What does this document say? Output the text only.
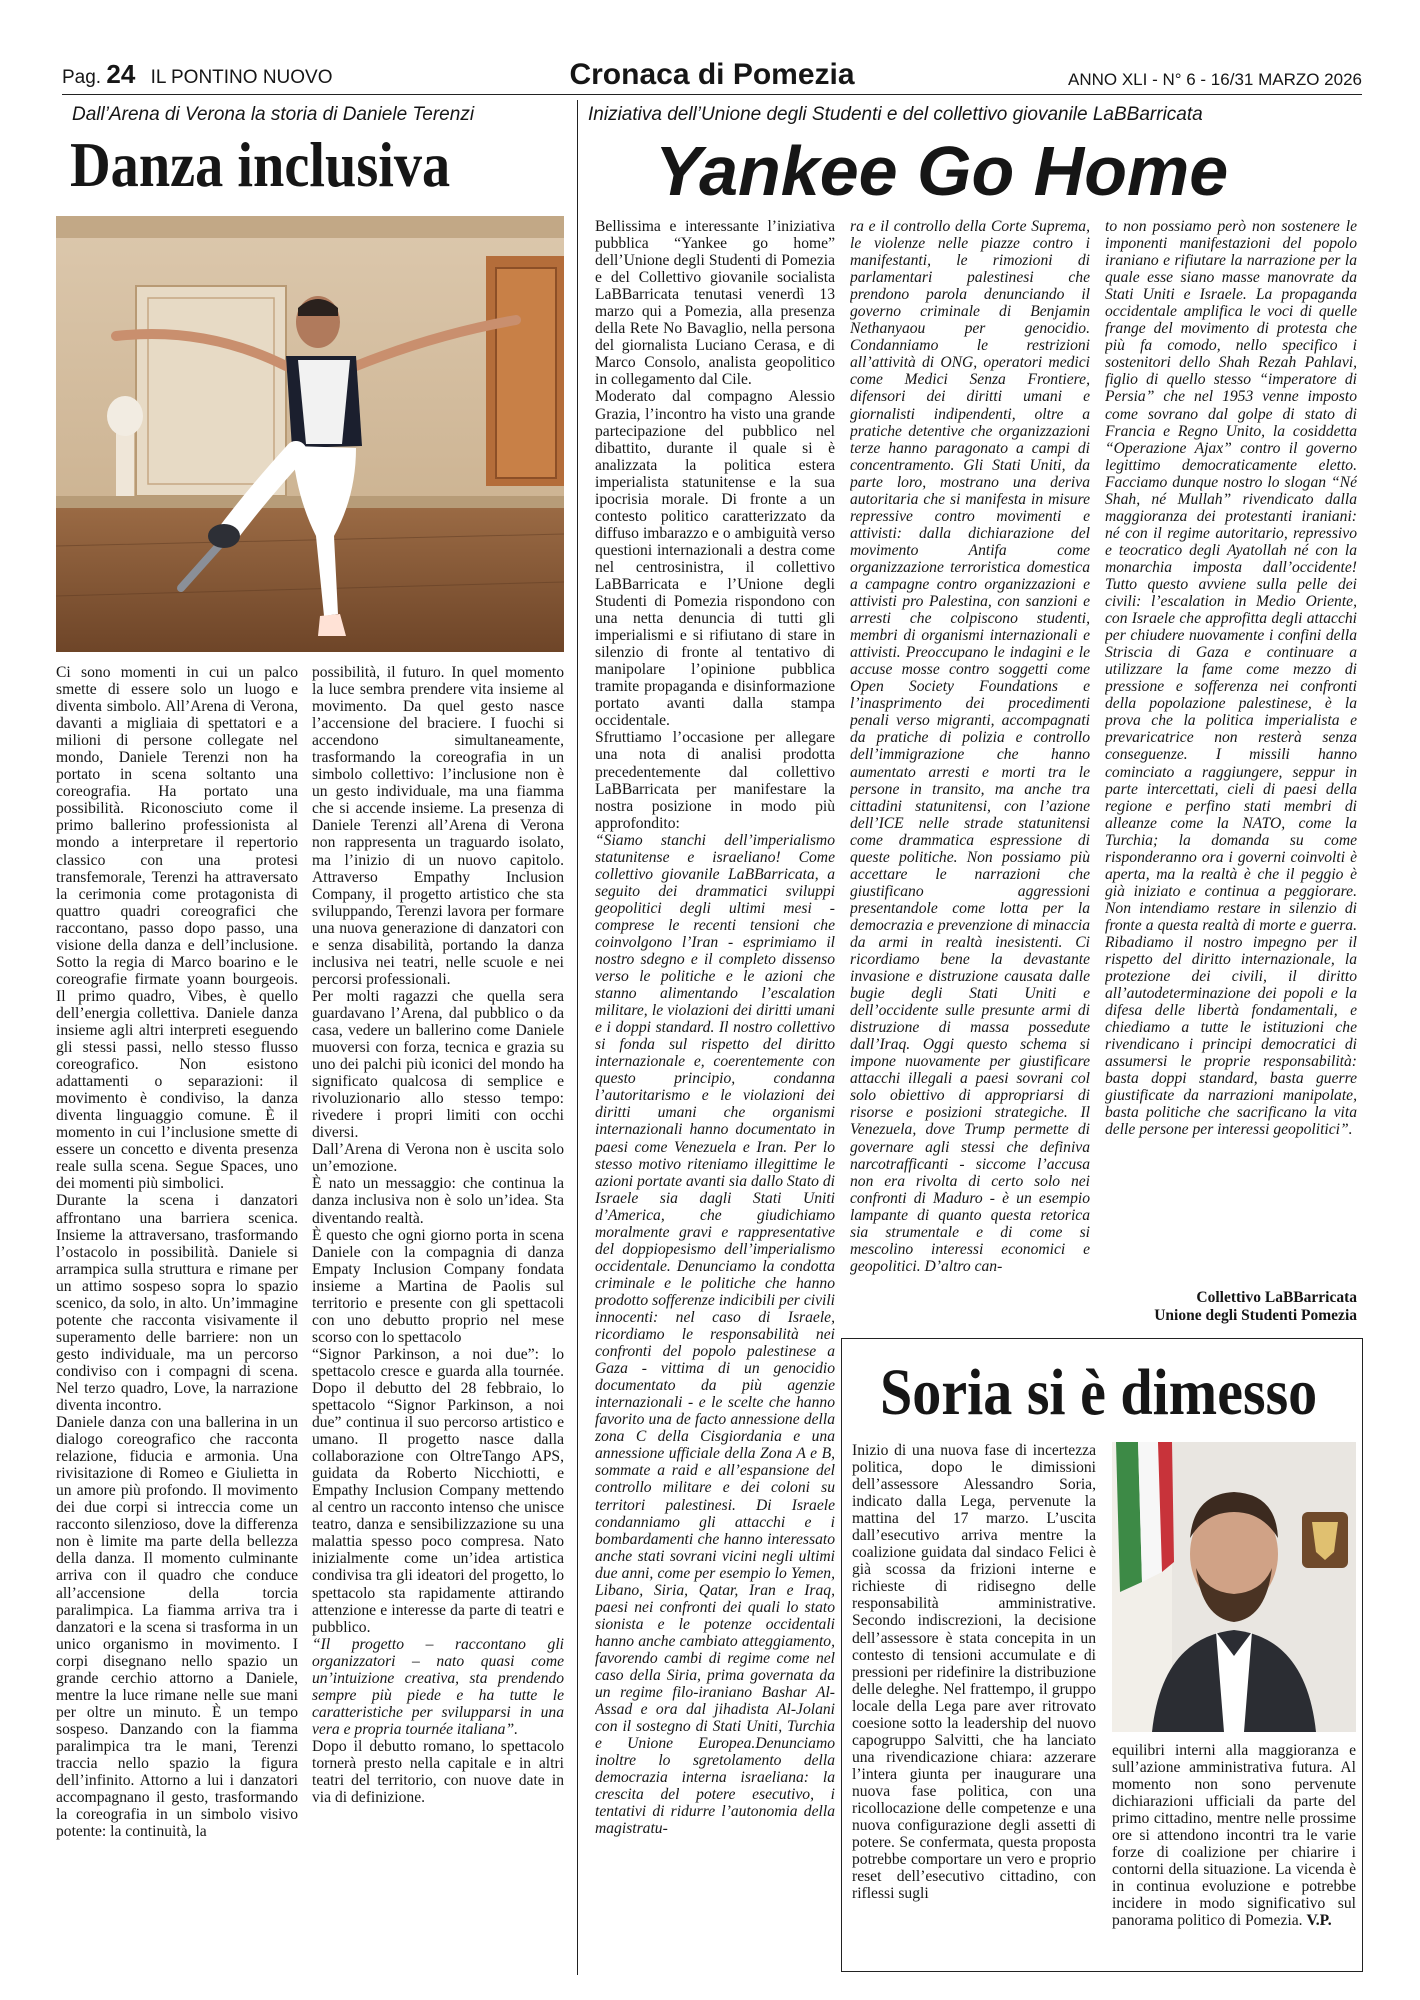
Pag. 24 IL PONTINO NUOVO	Cronaca di Pomezia	ANNO XLI - N° 6 - 16/31 MARZO 2026
Dall’Arena di Verona la storia di Daniele Terenzi
Danza inclusiva

Ci sono momenti in cui un palco smette di essere solo un luogo e diventa simbolo. All’Arena di Verona, davanti a migliaia di spettatori e a milioni di persone collegate nel mondo, Daniele Terenzi non ha portato in scena soltanto una coreografia. Ha portato una possibilità. Riconosciuto come il primo ballerino professionista al mondo a interpretare il repertorio classico con una protesi transfemorale, Terenzi ha attraversato la cerimonia come protagonista di quattro quadri coreografici che raccontano, passo dopo passo, una visione della danza e dell’inclusione. Sotto la regia di Marco boarino e le coreografie firmate yoann bourgeois. Il primo quadro, Vibes, è quello dell’energia collettiva. Daniele danza insieme agli altri interpreti eseguendo gli stessi passi, nello stesso flusso coreografico. Non esistono adattamenti o separazioni: il movimento è condiviso, la danza diventa linguaggio comune. È il momento in cui l’inclusione smette di essere un concetto e diventa presenza reale sulla scena. Segue Spaces, uno dei momenti più simbolici.

Durante la scena i danzatori affrontano una barriera scenica. Insieme la attraversano, trasformando l’ostacolo in possibilità. Daniele si arrampica sulla struttura e rimane per un attimo sospeso sopra lo spazio scenico, da solo, in alto. Un’immagine potente che racconta visivamente il superamento delle barriere: non un gesto individuale, ma un percorso condiviso con i compagni di scena. Nel terzo quadro, Love, la narrazione diventa incontro.

Daniele danza con una ballerina in un dialogo coreografico che racconta relazione, fiducia e armonia. Una rivisitazione di Romeo e Giulietta in un amore più profondo. Il movimento dei due corpi si intreccia come un racconto silenzioso, dove la differenza non è limite ma parte della bellezza della danza. Il momento culminante arriva con il quadro che conduce all’accensione della torcia paralimpica. La fiamma arriva tra i danzatori e la scena si trasforma in un unico organismo in movimento. I corpi disegnano nello spazio un grande cerchio attorno a Daniele, mentre la luce rimane nelle sue mani per oltre un minuto. È un tempo sospeso. Danzando con la fiamma paralimpica tra le mani, Terenzi traccia nello spazio la figura dell’infinito. Attorno a lui i danzatori accompagnano il gesto, trasformando la coreografia in un simbolo visivo potente: la continuità, la

possibilità, il futuro. In quel momento la luce sembra prendere vita insieme al movimento. Da quel gesto nasce l’accensione del braciere. I fuochi si accendono simultaneamente, trasformando la coreografia in un simbolo collettivo: l’inclusione non è un gesto individuale, ma una fiamma che si accende insieme. La presenza di Daniele Terenzi all’Arena di Verona non rappresenta un traguardo isolato, ma l’inizio di un nuovo capitolo. Attraverso Empathy Inclusion Company, il progetto artistico che sta sviluppando, Terenzi lavora per formare una nuova generazione di danzatori con e senza disabilità, portando la danza inclusiva nei teatri, nelle scuole e nei percorsi professionali.

Per molti ragazzi che quella sera guardavano l’Arena, dal pubblico o da casa, vedere un ballerino come Daniele muoversi con forza, tecnica e grazia su uno dei palchi più iconici del mondo ha significato qualcosa di semplice e rivoluzionario allo stesso tempo: rivedere i propri limiti con occhi diversi.

Dall’Arena di Verona non è uscita solo un’emozione.

È nato un messaggio: che continua la danza inclusiva non è solo un’idea. Sta diventando realtà.

È questo che ogni giorno porta in scena Daniele con la compagnia di danza Empaty Inclusion Company fondata insieme a Martina de Paolis sul territorio e presente con gli spettacoli con uno debutto proprio nel mese scorso con lo spettacolo

“Signor Parkinson, a noi due”: lo spettacolo cresce e guarda alla tournée. Dopo il debutto del 28 febbraio, lo spettacolo “Signor Parkinson, a noi due” continua il suo percorso artistico e umano. Il progetto nasce dalla collaborazione con OltreTango APS, guidata da Roberto Nicchiotti, e Empathy Inclusion Company mettendo al centro un racconto intenso che unisce teatro, danza e sensibilizzazione su una malattia spesso poco compresa. Nato inizialmente come un’idea artistica condivisa tra gli ideatori del progetto, lo spettacolo sta rapidamente attirando attenzione e interesse da parte di teatri e pubblico.

“Il progetto – raccontano gli organizzatori – nato quasi come un’intuizione creativa, sta prendendo sempre più piede e ha tutte le caratteristiche per svilupparsi in una vera e propria tournée italiana”.

Dopo il debutto romano, lo spettacolo tornerà presto nella capitale e in altri teatri del territorio, con nuove date in via di definizione.

Iniziativa dell’Unione degli Studenti e del collettivo giovanile LaBBarricata
Yankee Go Home

Bellissima e interessante l’iniziativa pubblica “Yankee go home” dell’Unione degli Studenti di Pomezia e del Collettivo giovanile socialista LaBBarricata tenutasi venerdì 13 marzo qui a Pomezia, alla presenza della Rete No Bavaglio, nella persona del giornalista Luciano Cerasa, e di Marco Consolo, analista geopolitico in collegamento dal Cile.

Moderato dal compagno Alessio Grazia, l’incontro ha visto una grande partecipazione del pubblico nel dibattito, durante il quale si è analizzata la politica estera imperialista statunitense e la sua ipocrisia morale. Di fronte a un contesto politico caratterizzato da diffuso imbarazzo e o ambiguità verso questioni internazionali a destra come nel centrosinistra, il collettivo LaBBarricata e l’Unione degli Studenti di Pomezia rispondono con una netta denuncia di tutti gli imperialismi e si rifiutano di stare in silenzio di fronte al tentativo di manipolare l’opinione pubblica tramite propaganda e disinformazione portato avanti dalla stampa occidentale.

Sfruttiamo l’occasione per allegare una nota di analisi prodotta precedentemente dal collettivo LaBBarricata per manifestare la nostra posizione in modo più approfondito:

“Siamo stanchi dell’imperialismo statunitense e israeliano! Come collettivo giovanile LaBBarricata, a seguito dei drammatici sviluppi geopolitici degli ultimi mesi - comprese le recenti tensioni che coinvolgono l’Iran - esprimiamo il nostro sdegno e il completo dissenso verso le politiche e le azioni che stanno alimentando l’escalation militare, le violazioni dei diritti umani e i doppi standard. Il nostro collettivo si fonda sul rispetto del diritto internazionale e, coerentemente con questo principio, condanna l’autoritarismo e le violazioni dei diritti umani che organismi internazionali hanno documentato in paesi come Venezuela e Iran. Per lo stesso motivo riteniamo illegittime le azioni portate avanti sia dallo Stato di Israele sia dagli Stati Uniti d’America, che giudichiamo moralmente gravi e rappresentative del doppiopesismo dell’imperialismo occidentale. Denunciamo la condotta criminale e le politiche che hanno prodotto sofferenze indicibili per civili innocenti: nel caso di Israele, ricordiamo le responsabilità nei confronti del popolo palestinese a Gaza - vittima di un genocidio documentato da più agenzie internazionali - e le scelte che hanno favorito una de facto annessione della zona C della Cisgiordania e una annessione ufficiale della Zona A e B, sommate a raid e all’espansione del controllo militare e dei coloni su territori palestinesi. Di Israele condanniamo gli attacchi e i bombardamenti che hanno interessato anche stati sovrani vicini negli ultimi due anni, come per esempio lo Yemen, Libano, Siria, Qatar, Iran e Iraq, paesi nei confronti dei quali lo stato sionista e le potenze occidentali hanno anche cambiato atteggiamento, favorendo cambi di regime come nel caso della Siria, prima governata da un regime filo-iraniano Bashar Al-Assad e ora dal jihadista Al-Jolani con il sostegno di Stati Uniti, Turchia e Unione Europea.Denunciamo inoltre lo sgretolamento della democrazia interna israeliana: la crescita del potere esecutivo, i tentativi di ridurre l’autonomia della magistratu-

ra e il controllo della Corte Suprema, le violenze nelle piazze contro i manifestanti, le rimozioni di parlamentari palestinesi che prendono parola denunciando il governo criminale di Benjamin Nethanyaou per genocidio. Condanniamo le restrizioni all’attività di ONG, operatori medici come Medici Senza Frontiere, difensori dei diritti umani e giornalisti indipendenti, oltre a pratiche detentive che organizzazioni terze hanno paragonato a campi di concentramento. Gli Stati Uniti, da parte loro, mostrano una deriva autoritaria che si manifesta in misure repressive contro movimenti e attivisti: dalla dichiarazione del movimento Antifa come organizzazione terroristica domestica a campagne contro organizzazioni e attivisti pro Palestina, con sanzioni e arresti che colpiscono studenti, membri di organismi internazionali e attivisti. Preoccupano le indagini e le accuse mosse contro soggetti come Open Society Foundations e l’inasprimento dei procedimenti penali verso migranti, accompagnati da pratiche di polizia e controllo dell’immigrazione che hanno aumentato arresti e morti tra le persone in transito, ma anche tra cittadini statunitensi, con l’azione dell’ICE nelle strade statunitensi come drammatica espressione di queste politiche. Non possiamo più accettare le narrazioni che giustificano aggressioni presentandole come lotta per la democrazia e prevenzione di minaccia da armi in realtà inesistenti. Ci ricordiamo bene la devastante invasione e distruzione causata dalle bugie degli Stati Uniti e dell’occidente sulle presunte armi di distruzione di massa possedute dall’Iraq. Oggi questo schema si impone nuovamente per giustificare attacchi illegali a paesi sovrani col solo obiettivo di appropriarsi di risorse e posizioni strategiche. Il Venezuela, dove Trump permette di governare agli stessi che definiva narcotrafficanti - siccome l’accusa non era rivolta di certo solo nei confronti di Maduro - è un esempio lampante di quanto questa retorica sia strumentale e di come si mescolino interessi economici e geopolitici. D’altro can-
to non possiamo però non sostenere le imponenti manifestazioni del popolo iraniano e rifiutare la narrazione per la quale esse siano masse manovrate da Stati Uniti e Israele. La propaganda occidentale amplifica le voci di quelle frange del movimento di protesta che più fa comodo, nello specifico i sostenitori dello Shah Rezah Pahlavi, figlio di quello stesso “imperatore di Persia” che nel 1953 venne imposto come sovrano dal golpe di stato di Francia e Regno Unito, la cosiddetta “Operazione Ajax” contro il governo legittimo democraticamente eletto. Facciamo dunque nostro lo slogan “Né Shah, né Mullah” rivendicato dalla maggioranza dei protestanti iraniani: né con il regime autoritario, repressivo e teocratico degli Ayatollah né con la monarchia imposta dall’occidente! Tutto questo avviene sulla pelle dei civili: l’escalation in Medio Oriente, con Israele che approfitta degli attacchi per chiudere nuovamente i confini della Striscia di Gaza e continuare a utilizzare la fame come mezzo di pressione e sofferenza nei confronti della popolazione palestinese, è la prova che la politica imperialista e prevaricatrice non resterà senza conseguenze. I missili hanno cominciato a raggiungere, seppur in parte intercettati, cieli di paesi della regione e perfino stati membri di alleanze come la NATO, come la Turchia; la domanda su come risponderanno ora i governi coinvolti è aperta, ma la realtà è che il peggio è già iniziato e continua a peggiorare. Non intendiamo restare in silenzio di fronte a questa realtà di morte e guerra. Ribadiamo il nostro impegno per il rispetto del diritto internazionale, la protezione dei civili, il diritto all’autodeterminazione dei popoli e la difesa delle libertà fondamentali, e chiediamo a tutte le istituzioni che rivendicano i principi democratici di assumersi le proprie responsabilità: basta doppi standard, basta guerre giustificate da narrazioni manipolate, basta politiche che sacrificano la vita delle persone per interessi geopolitici”.
Collettivo LaBBarricata
Unione degli Studenti Pomezia
Soria si è dimesso
Inizio di una nuova fase di incertezza politica, dopo le dimissioni dell’assessore Alessandro Soria, indicato dalla Lega, pervenute la mattina del 17 marzo. L’uscita dall’esecutivo arriva mentre la coalizione guidata dal sindaco Felici è già scossa da frizioni interne e richieste di ridisegno delle responsabilità amministrative. Secondo indiscrezioni, la decisione dell’assessore è stata concepita in un contesto di tensioni accumulate e di pressioni per ridefinire la distribuzione delle deleghe. Nel frattempo, il gruppo locale della Lega pare aver ritrovato coesione sotto la leadership del nuovo capogruppo Salvitti, che ha lanciato una rivendicazione chiara: azzerare l’intera giunta per inaugurare una nuova fase politica, con una ricollocazione delle competenze e una nuova configurazione degli assetti di potere. Se confermata, questa proposta potrebbe comportare un vero e proprio reset dell’esecutivo cittadino, con riflessi sugli

equilibri interni alla maggioranza e sull’azione amministrativa futura. Al momento non sono pervenute dichiarazioni ufficiali da parte del primo cittadino, mentre nelle prossime ore si attendono incontri tra le varie forze di coalizione per chiarire i contorni della situazione. La vicenda è in continua evoluzione e potrebbe incidere in modo significativo sul panorama politico di Pomezia. V.P.
